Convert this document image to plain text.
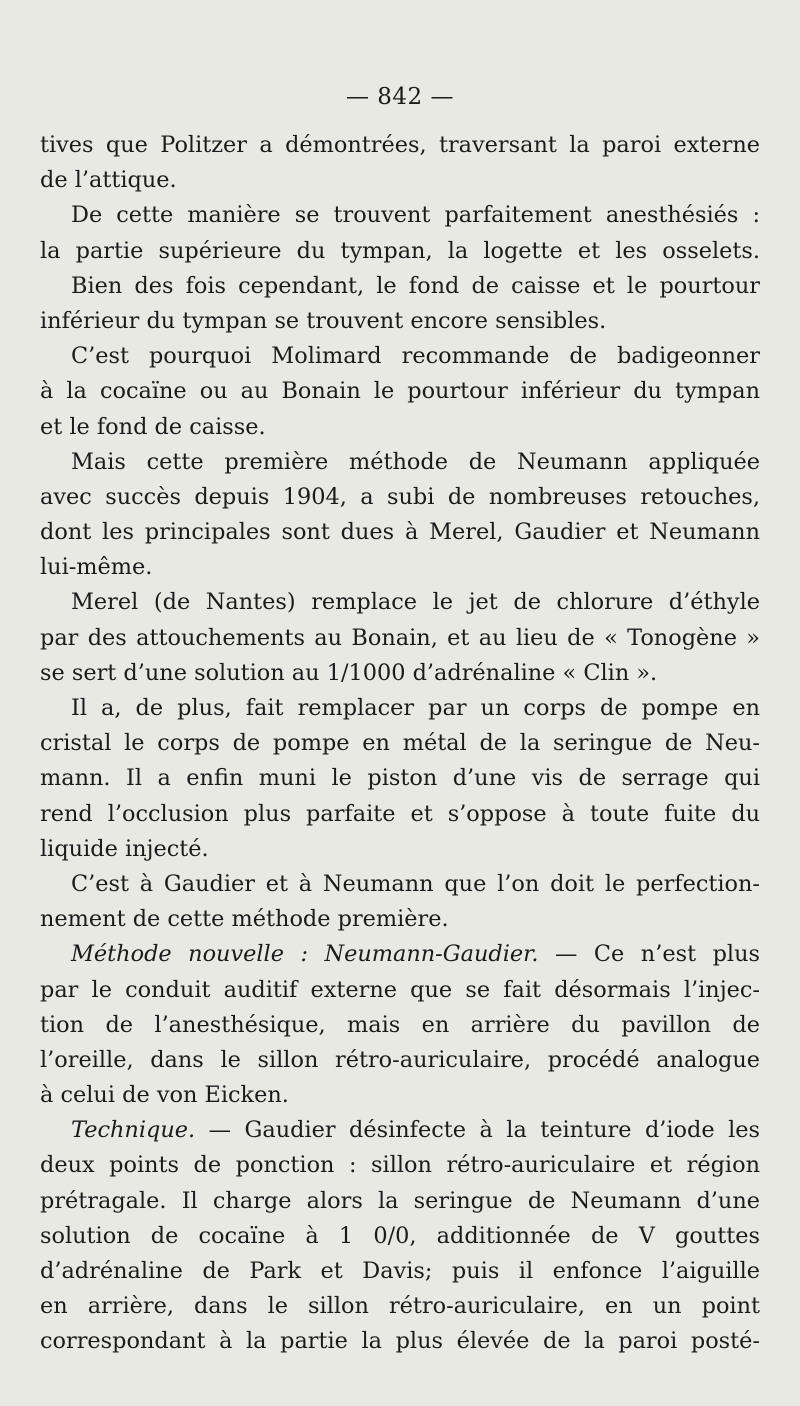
— 842 —
tives que Politzer a démontrées, traversant la paroi externe
de l’attique.
De cette manière se trouvent parfaitement anesthésiés :
la partie supérieure du tympan, la logette et les osselets.
Bien des fois cependant, le fond de caisse et le pourtour
inférieur du tympan se trouvent encore sensibles.
C’est pourquoi Molimard recommande de badigeonner
à la cocaïne ou au Bonain le pourtour inférieur du tympan
et le fond de caisse.
Mais cette première méthode de Neumann appliquée
avec succès depuis 1904, a subi de nombreuses retouches,
dont les principales sont dues à Merel, Gaudier et Neumann
lui-même.
Merel (de Nantes) remplace le jet de chlorure d’éthyle
par des attouchements au Bonain, et au lieu de « Tonogène »
se sert d’une solution au 1/1000 d’adrénaline « Clin ».
Il a, de plus, fait remplacer par un corps de pompe en
cristal le corps de pompe en métal de la seringue de Neu-
mann. Il a enfin muni le piston d’une vis de serrage qui
rend l’occlusion plus parfaite et s’oppose à toute fuite du
liquide injecté.
C’est à Gaudier et à Neumann que l’on doit le perfection-
nement de cette méthode première.
Méthode nouvelle : Neumann-Gaudier. — Ce n’est plus
par le conduit auditif externe que se fait désormais l’injec-
tion de l’anesthésique, mais en arrière du pavillon de
l’oreille, dans le sillon rétro-auriculaire, procédé analogue
à celui de von Eicken.
Technique. — Gaudier désinfecte à la teinture d’iode les
deux points de ponction : sillon rétro-auriculaire et région
prétragale. Il charge alors la seringue de Neumann d’une
solution de cocaïne à 1 0/0, additionnée de V gouttes
d’adrénaline de Park et Davis; puis il enfonce l’aiguille
en arrière, dans le sillon rétro-auriculaire, en un point
correspondant à la partie la plus élevée de la paroi posté-
